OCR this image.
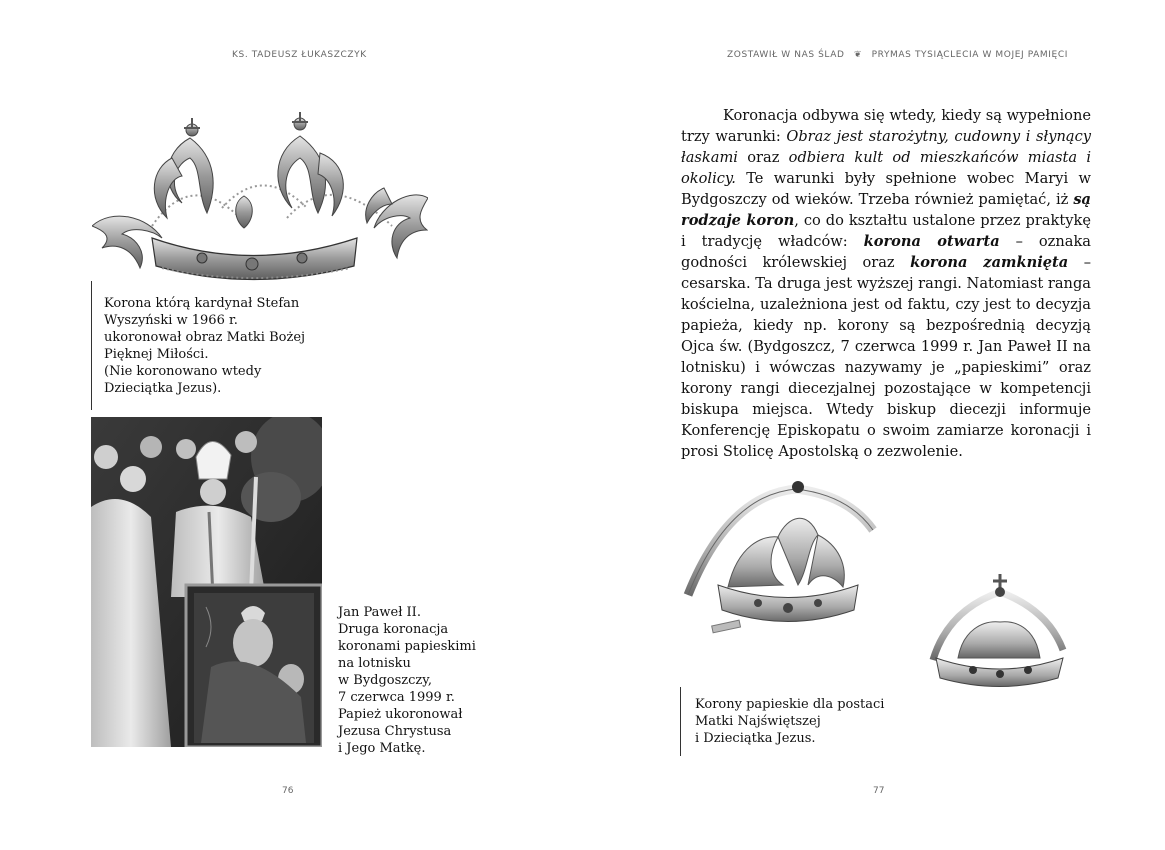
KS. TADEUSZ ŁUKASZCZYK
Korona którą kardynał Stefan
Wyszyński w 1966 r.
ukoronował obraz Matki Bożej
Pięknej Miłości.
(Nie koronowano wtedy
Dzieciątka Jezus).
Jan Paweł II.
Druga koronacja
koronami papieskimi
na lotnisku
w Bydgoszczy,
7 czerwca 1999 r.
Papież ukoronował
Jezusa Chrystusa
i Jego Matkę.
76
ZOSTAWIŁ W NAS ŚLAD ❦ PRYMAS TYSIĄCLECIA W MOJEJ PAMIĘCI

Koronacja odbywa się wtedy, kiedy są wypełnione trzy warunki: Obraz jest starożytny, cudowny i słynący łaskami oraz odbiera kult od mieszkańców miasta i okolicy. Te warunki były spełnione wobec Maryi w Bydgoszczy od wieków. Trzeba również pamiętać, iż są rodzaje koron, co do kształtu ustalone przez praktykę i tradycję władców: korona otwarta – oznaka godności królewskiej oraz korona zamknięta – cesarska. Ta druga jest wyższej rangi. Natomiast ranga kościelna, uzależniona jest od faktu, czy jest to decyzja papieża, kiedy np. korony są bezpośrednią decyzją Ojca św. (Bydgoszcz, 7 czerwca 1999 r. Jan Paweł II na lotnisku) i wówczas nazywamy je „papieskimi” oraz korony rangi diecezjalnej pozostające w kompetencji biskupa miejsca. Wtedy biskup diecezji informuje Konferencję Episkopatu o swoim zamiarze koronacji i prosi Stolicę Apostolską o zezwolenie.

Korony papieskie dla postaci
Matki Najświętszej
i Dzieciątka Jezus.
77
